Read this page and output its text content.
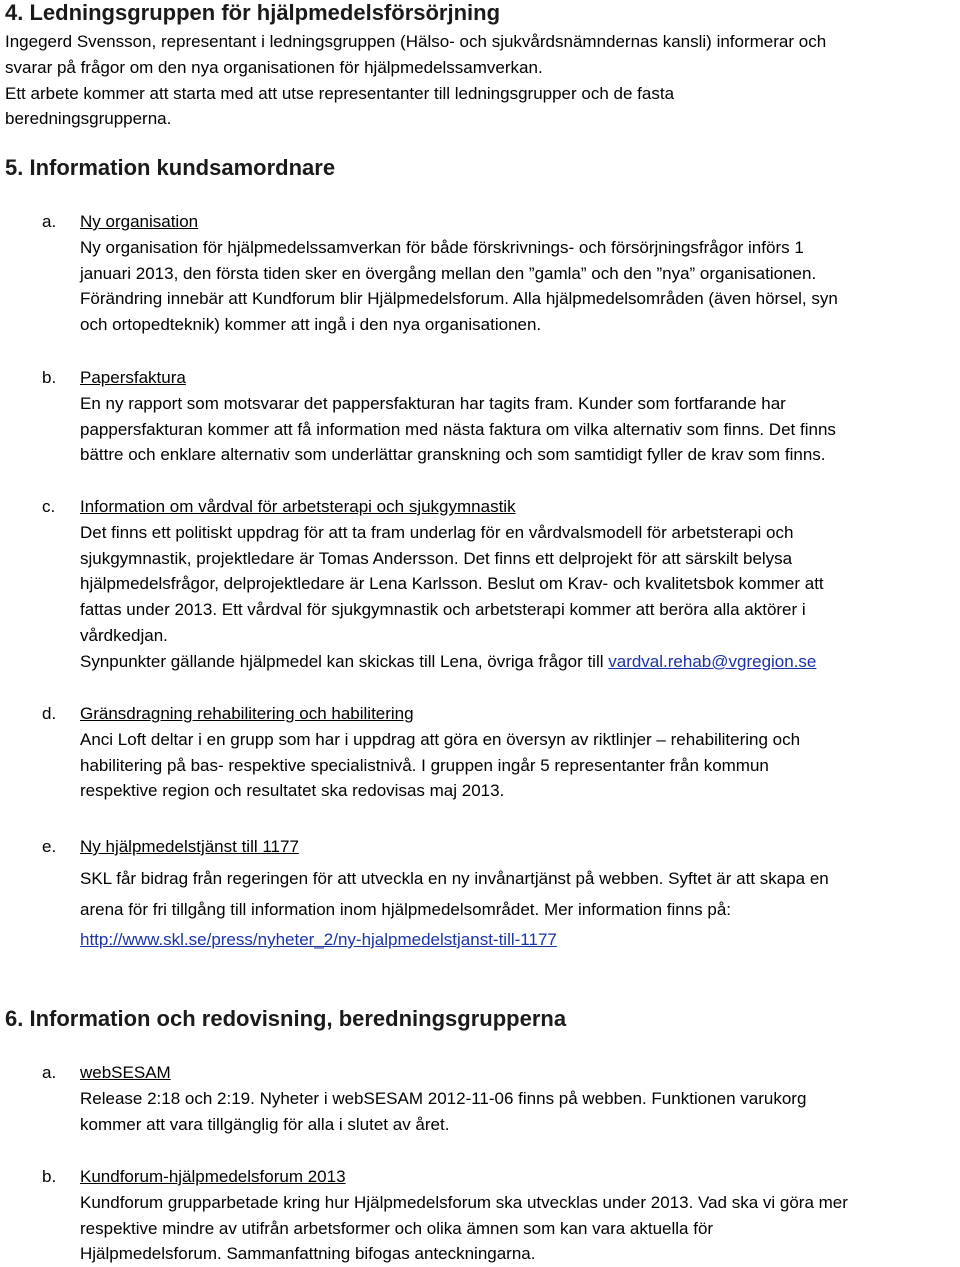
4. Ledningsgruppen för hjälpmedelsförsörjning
Ingegerd Svensson, representant i ledningsgruppen (Hälso- och sjukvårdsnämndernas kansli) informerar och
svarar på frågor om den nya organisationen för hjälpmedelssamverkan.
Ett arbete kommer att starta med att utse representanter till ledningsgrupper och de fasta
beredningsgrupperna.
5. Information kundsamordnare
a. Ny organisation
Ny organisation för hjälpmedelssamverkan för både förskrivnings- och försörjningsfrågor införs 1
januari 2013, den första tiden sker en övergång mellan den ”gamla” och den ”nya” organisationen.
Förändring innebär att Kundforum blir Hjälpmedelsforum. Alla hjälpmedelsområden (även hörsel, syn
och ortopedteknik) kommer att ingå i den nya organisationen.
b. Papersfaktura
En ny rapport som motsvarar det pappersfakturan har tagits fram. Kunder som fortfarande har
pappersfakturan kommer att få information med nästa faktura om vilka alternativ som finns. Det finns
bättre och enklare alternativ som underlättar granskning och som samtidigt fyller de krav som finns.
c. Information om vårdval för arbetsterapi och sjukgymnastik
Det finns ett politiskt uppdrag för att ta fram underlag för en vårdvalsmodell för arbetsterapi och
sjukgymnastik, projektledare är Tomas Andersson. Det finns ett delprojekt för att särskilt belysa
hjälpmedelsfrågor, delprojektledare är Lena Karlsson. Beslut om Krav- och kvalitetsbok kommer att
fattas under 2013. Ett vårdval för sjukgymnastik och arbetsterapi kommer att beröra alla aktörer i
vårdkedjan.
Synpunkter gällande hjälpmedel kan skickas till Lena, övriga frågor till vardval.rehab@vgregion.se
d. Gränsdragning rehabilitering och habilitering
Anci Loft deltar i en grupp som har i uppdrag att göra en översyn av riktlinjer – rehabilitering och
habilitering på bas- respektive specialistnivå. I gruppen ingår 5 representanter från kommun
respektive region och resultatet ska redovisas maj 2013.
e. Ny hjälpmedelstjänst till 1177
SKL får bidrag från regeringen för att utveckla en ny invånartjänst på webben. Syftet är att skapa en
arena för fri tillgång till information inom hjälpmedelsområdet. Mer information finns på:
http://www.skl.se/press/nyheter_2/ny-hjalpmedelstjanst-till-1177
6. Information och redovisning, beredningsgrupperna
a. webSESAM
Release 2:18 och 2:19. Nyheter i webSESAM 2012-11-06 finns på webben. Funktionen varukorg
kommer att vara tillgänglig för alla i slutet av året.
b. Kundforum-hjälpmedelsforum 2013
Kundforum grupparbetade kring hur Hjälpmedelsforum ska utvecklas under 2013. Vad ska vi göra mer
respektive mindre av utifrån arbetsformer och olika ämnen som kan vara aktuella för
Hjälpmedelsforum. Sammanfattning bifogas anteckningarna.
